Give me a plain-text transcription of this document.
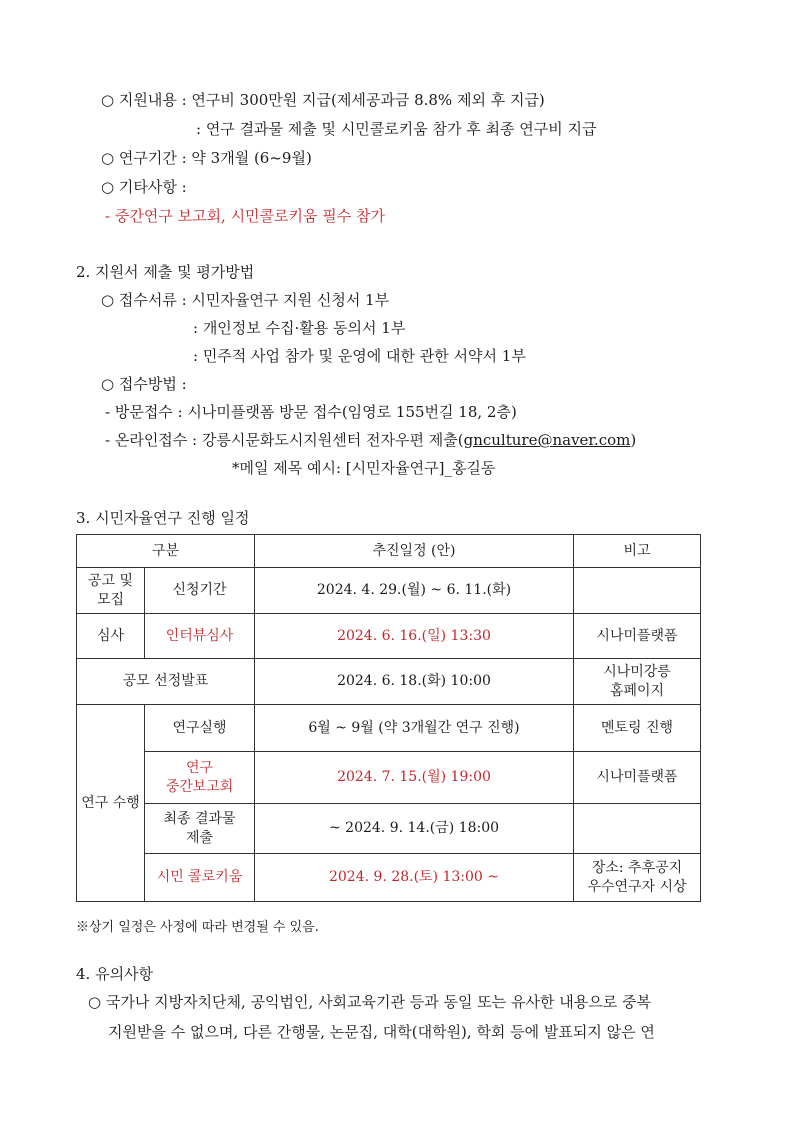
○ 지원내용 : 연구비 300만원 지급(제세공과금 8.8% 제외 후 지급)
: 연구 결과물 제출 및 시민콜로키움 참가 후 최종 연구비 지급
○ 연구기간 : 약 3개월 (6~9월)
○ 기타사항 :
- 중간연구 보고회, 시민콜로키움 필수 참가
2. 지원서 제출 및 평가방법
○ 접수서류 : 시민자율연구 지원 신청서 1부
: 개인정보 수집·활용 동의서 1부
: 민주적 사업 참가 및 운영에 대한 관한 서약서 1부
○ 접수방법 :
- 방문접수 : 시나미플랫폼 방문 접수(임영로 155번길 18, 2층)
- 온라인접수 : 강릉시문화도시지원센터 전자우편 제출(gnculture@naver.com)
*메일 제목 예시: [시민자율연구]_홍길동
3. 시민자율연구 진행 일정
구분		추진일정 (안)	비고
공고 및
모집	신청기간	2024. 4. 29.(월) ~ 6. 11.(화)	
심사	인터뷰심사	2024. 6. 16.(일) 13:30	시나미플랫폼
공모 선정발표		2024. 6. 18.(화) 10:00	시나미강릉
홈페이지
연구 수행	연구실행	6월 ~ 9월 (약 3개월간 연구 진행)	멘토링 진행
	연구
중간보고회	2024. 7. 15.(월) 19:00	시나미플랫폼
	최종 결과물
제출	~ 2024. 9. 14.(금) 18:00	
	시민 콜로키움	2024. 9. 28.(토) 13:00 ~	장소: 추후공지
우수연구자 시상
※상기 일정은 사정에 따라 변경될 수 있음.
4. 유의사항
○ 국가나 지방자치단체, 공익법인, 사회교육기관 등과 동일 또는 유사한 내용으로 중복
지원받을 수 없으며, 다른 간행물, 논문집, 대학(대학원), 학회 등에 발표되지 않은 연
